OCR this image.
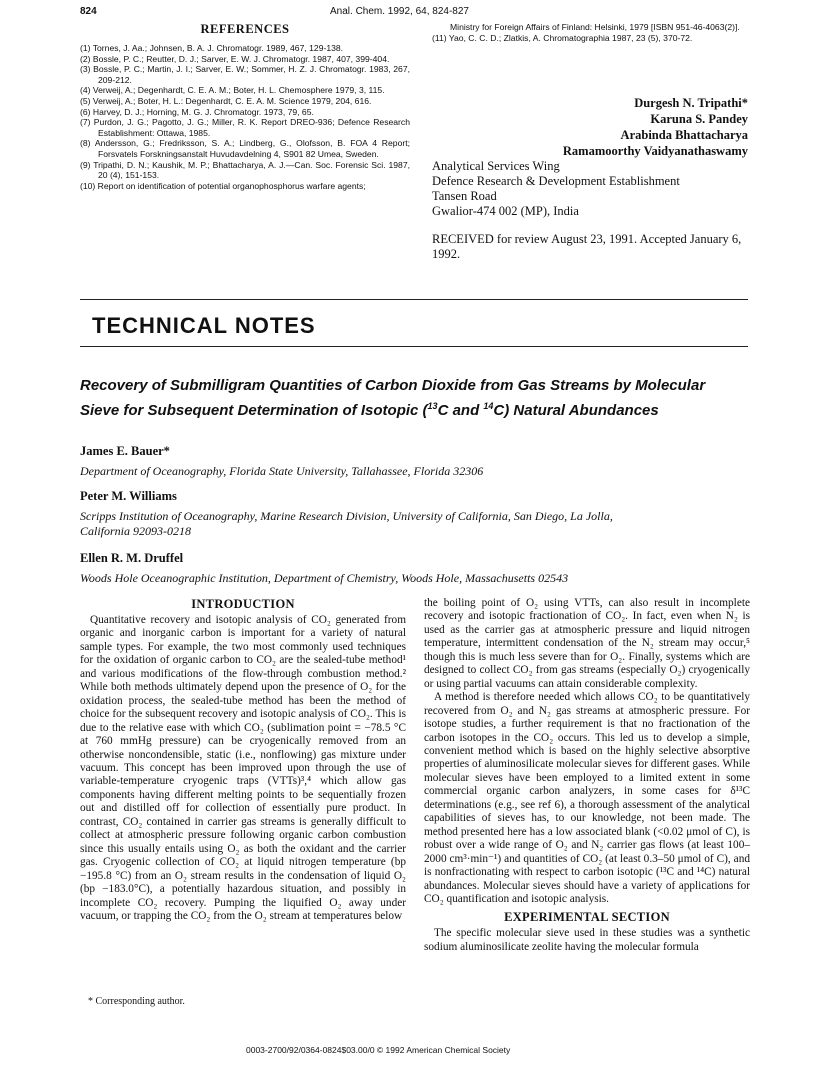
824	Anal. Chem. 1992, 64, 824-827
REFERENCES
(1) Tornes, J. Aa.; Johnsen, B. A. J. Chromatogr. 1989, 467, 129-138.
(2) Bossle, P. C.; Reutter, D. J.; Sarver, E. W. J. Chromatogr. 1987, 407, 399-404.
(3) Bossle, P. C.; Martin, J. I.; Sarver, E. W.; Sommer, H. Z. J. Chromatogr. 1983, 267, 209-212.
(4) Verweij, A.; Degenhardt, C. E. A. M.; Boter, H. L. Chemosphere 1979, 3, 115.
(5) Verweij, A.; Boter, H. L.: Degenhardt, C. E. A. M. Science 1979, 204, 616.
(6) Harvey, D. J.; Horning, M. G. J. Chromatogr. 1973, 79, 65.
(7) Purdon, J. G.; Pagotto, J. G.; Miller, R. K. Report DREO-936; Defence Research Establishment: Ottawa, 1985.
(8) Andersson, G.; Fredriksson, S. A.; Lindberg, G., Olofsson, B. FOA 4 Report; Forsvatels Forskningsanstalt Huvudavdelning 4, S901 82 Umea, Sweden.
(9) Tripathi, D. N.; Kaushik, M. P.; Bhattacharya, A. J.—Can. Soc. Forensic Sci. 1987, 20 (4), 151-153.
(10) Report on identification of potential organophosphorus warfare agents;
Ministry for Foreign Affairs of Finland: Helsinki, 1979 [ISBN 951-46-4063(2)].
(11) Yao, C. C. D.; Zlatkis, A. Chromatographia 1987, 23 (5), 370-72.
Durgesh N. Tripathi*
Karuna S. Pandey
Arabinda Bhattacharya
Ramamoorthy Vaidyanathaswamy
Analytical Services Wing
Defence Research & Development Establishment
Tansen Road
Gwalior-474 002 (MP), India
RECEIVED for review August 23, 1991. Accepted January 6, 1992.
TECHNICAL NOTES
Recovery of Submilligram Quantities of Carbon Dioxide from Gas Streams by Molecular
Sieve for Subsequent Determination of Isotopic ($^{13}$C and $^{14}$C) Natural Abundances
James E. Bauer*
Department of Oceanography, Florida State University, Tallahassee, Florida 32306
Peter M. Williams
Scripps Institution of Oceanography, Marine Research Division, University of California, San Diego, La Jolla, California 92093-0218
Ellen R. M. Druffel
Woods Hole Oceanographic Institution, Department of Chemistry, Woods Hole, Massachusetts 02543
INTRODUCTION

Quantitative recovery and isotopic analysis of CO₂ generated from organic and inorganic carbon is important for a variety of natural sample types. For example, the two most commonly used techniques for the oxidation of organic carbon to CO₂ are the sealed-tube method¹ and various modifications of the flow-through combustion method.² While both methods ultimately depend upon the presence of O₂ for the oxidation process, the sealed-tube method has been the method of choice for the subsequent recovery and isotopic analysis of CO₂. This is due to the relative ease with which CO₂ (sublimation point = −78.5 °C at 760 mmHg pressure) can be cryogenically removed from an otherwise noncondensible, static (i.e., nonflowing) gas mixture under vacuum. This concept has been improved upon through the use of variable-temperature cryogenic traps (VTTs)³,⁴ which allow gas components having different melting points to be sequentially frozen out and distilled off for collection of essentially pure product. In contrast, CO₂ contained in carrier gas streams is generally difficult to collect at atmospheric pressure following organic carbon combustion since this usually entails using O₂ as both the oxidant and the carrier gas. Cryogenic collection of CO₂ at liquid nitrogen temperature (bp −195.8 °C) from an O₂ stream results in the condensation of liquid O₂ (bp −183.0°C), a potentially hazardous situation, and possibly in incomplete CO₂ recovery. Pumping the liquified O₂ away under vacuum, or trapping the CO₂ from the O₂ stream at temperatures below

the boiling point of O₂ using VTTs, can also result in incomplete recovery and isotopic fractionation of CO₂. In fact, even when N₂ is used as the carrier gas at atmospheric pressure and liquid nitrogen temperature, intermittent condensation of the N₂ stream may occur,⁵ though this is much less severe than for O₂. Finally, systems which are designed to collect CO₂ from gas streams (especially O₂) cryogenically or using partial vacuums can attain considerable complexity.

A method is therefore needed which allows CO₂ to be quantitatively recovered from O₂ and N₂ gas streams at atmospheric pressure. For isotope studies, a further requirement is that no fractionation of the carbon isotopes in the CO₂ occurs. This led us to develop a simple, convenient method which is based on the highly selective absorptive properties of aluminosilicate molecular sieves for different gases. While molecular sieves have been employed to a limited extent in some commercial organic carbon analyzers, in some cases for δ¹³C determinations (e.g., see ref 6), a thorough assessment of the analytical capabilities of sieves has, to our knowledge, not been made. The method presented here has a low associated blank (<0.02 μmol of C), is robust over a wide range of O₂ and N₂ carrier gas flows (at least 100–2000 cm³·min⁻¹) and quantities of CO₂ (at least 0.3–50 μmol of C), and is nonfractionating with respect to carbon isotopic (¹³C and ¹⁴C) natural abundances. Molecular sieves should have a variety of applications for CO₂ quantification and isotopic analysis.

EXPERIMENTAL SECTION

The specific molecular sieve used in these studies was a synthetic sodium aluminosilicate zeolite having the molecular formula

* Corresponding author.
0003-2700/92/0364-0824$03.00/0 © 1992 American Chemical Society
